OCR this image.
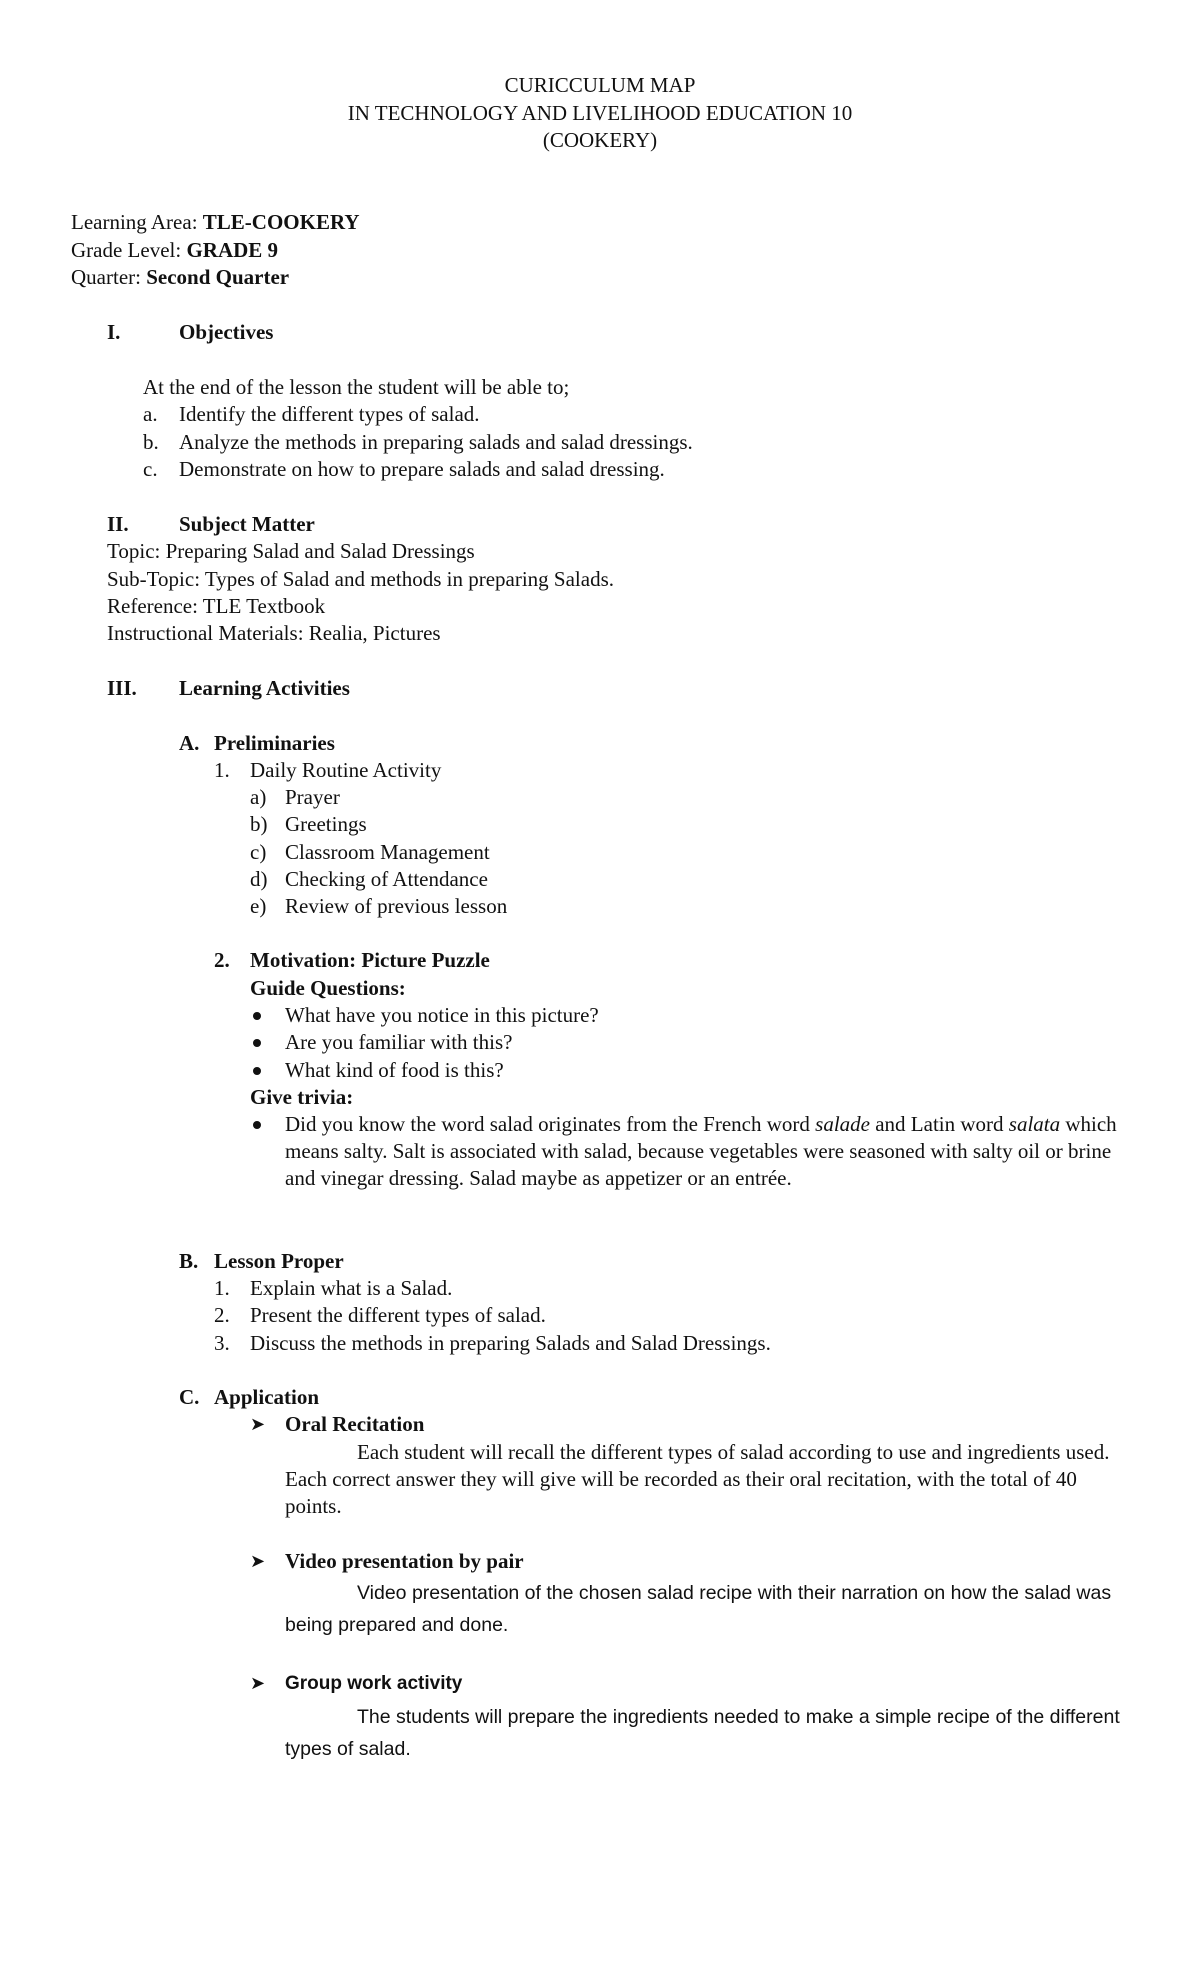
CURICCULUM MAP
IN TECHNOLOGY AND LIVELIHOOD EDUCATION 10
(COOKERY)
Learning Area: TLE-COOKERY
Grade Level: GRADE 9
Quarter: Second Quarter
I.	Objectives
At the end of the lesson the student will be able to;
a. Identify the different types of salad.
b. Analyze the methods in preparing salads and salad dressings.
c. Demonstrate on how to prepare salads and salad dressing.
II. Subject Matter
Topic: Preparing Salad and Salad Dressings
Sub-Topic: Types of Salad and methods in preparing Salads.
Reference: TLE Textbook
Instructional Materials: Realia, Pictures
III. Learning Activities
A. Preliminaries
1. Daily Routine Activity
a) Prayer
b) Greetings
c) Classroom Management
d) Checking of Attendance
e) Review of previous lesson
2. Motivation: Picture Puzzle
Guide Questions:
What have you notice in this picture?
Are you familiar with this?
What kind of food is this?
Give trivia:
Did you know the word salad originates from the French word salade and Latin word salata which means salty. Salt is associated with salad, because vegetables were seasoned with salty oil or brine and vinegar dressing. Salad maybe as appetizer or an entrée.
B. Lesson Proper
1. Explain what is a Salad.
2. Present the different types of salad.
3. Discuss the methods in preparing Salads and Salad Dressings.
C. Application
➤ Oral Recitation
Each student will recall the different types of salad according to use and ingredients used. Each correct answer they will give will be recorded as their oral recitation, with the total of 40 points.
➤ Video presentation by pair
Video presentation of the chosen salad recipe with their narration on how the salad was being prepared and done.
➤ Group work activity
The students will prepare the ingredients needed to make a simple recipe of the different types of salad.
